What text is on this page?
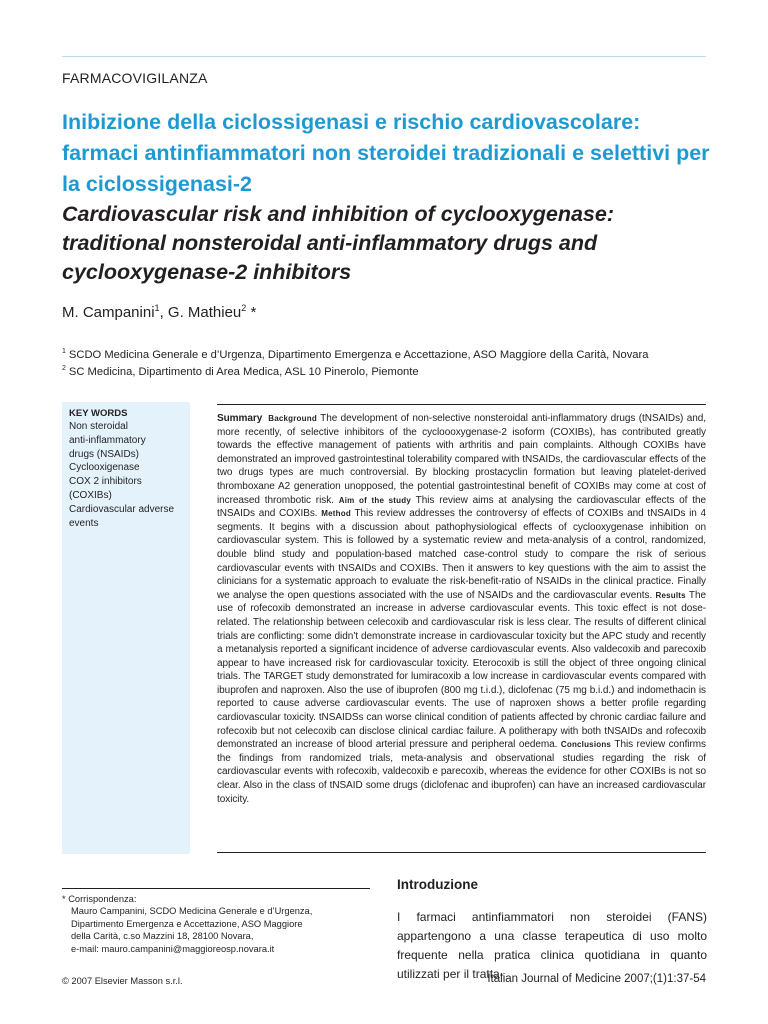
FARMACOVIGILANZA
Inibizione della ciclossigenasi e rischio cardiovascolare: farmaci antinfiammatori non steroidei tradizionali e selettivi per la ciclossigenasi-2
Cardiovascular risk and inhibition of cyclooxygenase: traditional nonsteroidal anti-inflammatory drugs and cyclooxygenase-2 inhibitors
M. Campanini$^1$, G. Mathieu$^2$ *
$^1$ SCDO Medicina Generale e d’Urgenza, Dipartimento Emergenza e Accettazione, ASO Maggiore della Carità, Novara
$^2$ SC Medicina, Dipartimento di Area Medica, ASL 10 Pinerolo, Piemonte
KEY WORDS
Non steroidal
anti-inflammatory
drugs (NSAIDs)
Cyclooxigenase
COX 2 inhibitors
(COXIBs)
Cardiovascular adverse
events
Summary Background The development of non-selective nonsteroidal anti-inflammatory drugs (tNSAIDs) and, more recently, of selective inhibitors of the cycloooxygenase-2 isoform (COXIBs), has contributed greatly towards the effective management of patients with arthritis and pain complaints. Although COXIBs have demonstrated an improved gastrointestinal tolerability compared with tNSAIDs, the cardiovascular effects of the two drugs types are much controversial. By blocking prostacyclin formation but leaving platelet-derived thromboxane A2 generation unopposed, the potential gastrointestinal benefit of COXIBs may come at cost of increased thrombotic risk. Aim of the study This review aims at analysing the cardiovascular effects of the tNSAIDs and COXIBs. Method This review addresses the controversy of effects of COXIBs and tNSAIDs in 4 segments. It begins with a discussion about pathophysiological effects of cyclooxygenase inhibition on cardiovascular system. This is followed by a systematic review and meta-analysis of a control, randomized, double blind study and population-based matched case-control study to compare the risk of serious cardiovascular events with tNSAIDs and COXIBs. Then it answers to key questions with the aim to assist the clinicians for a systematic approach to evaluate the risk-benefit-ratio of NSAIDs in the clinical practice. Finally we analyse the open questions associated with the use of NSAIDs and the cardiovascular events. Results The use of rofecoxib demonstrated an increase in adverse cardiovascular events. This toxic effect is not dose-related. The relationship between celecoxib and cardiovascular risk is less clear. The results of different clinical trials are conflicting: some didn’t demonstrate increase in cardiovascular toxicity but the APC study and recently a metanalysis reported a significant incidence of adverse cardiovascular events. Also valdecoxib and parecoxib appear to have increased risk for cardiovascular toxicity. Eterocoxib is still the object of three ongoing clinical trials. The TARGET study demonstrated for lumiracoxib a low increase in cardiovascular events compared with ibuprofen and naproxen. Also the use of ibuprofen (800 mg t.i.d.), diclofenac (75 mg b.i.d.) and indomethacin is reported to cause adverse cardiovascular events. The use of naproxen shows a better profile regarding cardiovascular toxicity. tNSAIDSs can worse clinical condition of patients affected by chronic cardiac failure and rofecoxib but not celecoxib can disclose clinical cardiac failure. A politherapy with both tNSAIDs and rofecoxib demonstrated an increase of blood arterial pressure and peripheral oedema. Conclusions This review confirms the findings from randomized trials, meta-analysis and observational studies regarding the risk of cardiovascular events with rofecoxib, valdecoxib e parecoxib, whereas the evidence for other COXIBs is not so clear. Also in the class of tNSAID some drugs (diclofenac and ibuprofen) can have an increased cardiovascular toxicity.
* Corrispondenza:
Mauro Campanini, SCDO Medicina Generale e d’Urgenza,
Dipartimento Emergenza e Accettazione, ASO Maggiore
della Carità, c.so Mazzini 18, 28100 Novara,
e-mail: mauro.campanini@maggioreosp.novara.it
Introduzione
I farmaci antinfiammatori non steroidei (FANS) appartengono a una classe terapeutica di uso molto frequente nella pratica clinica quotidiana in quanto utilizzati per il tratta-
© 2007 Elsevier Masson s.r.l.	Italian Journal of Medicine 2007;(1)1:37-54
